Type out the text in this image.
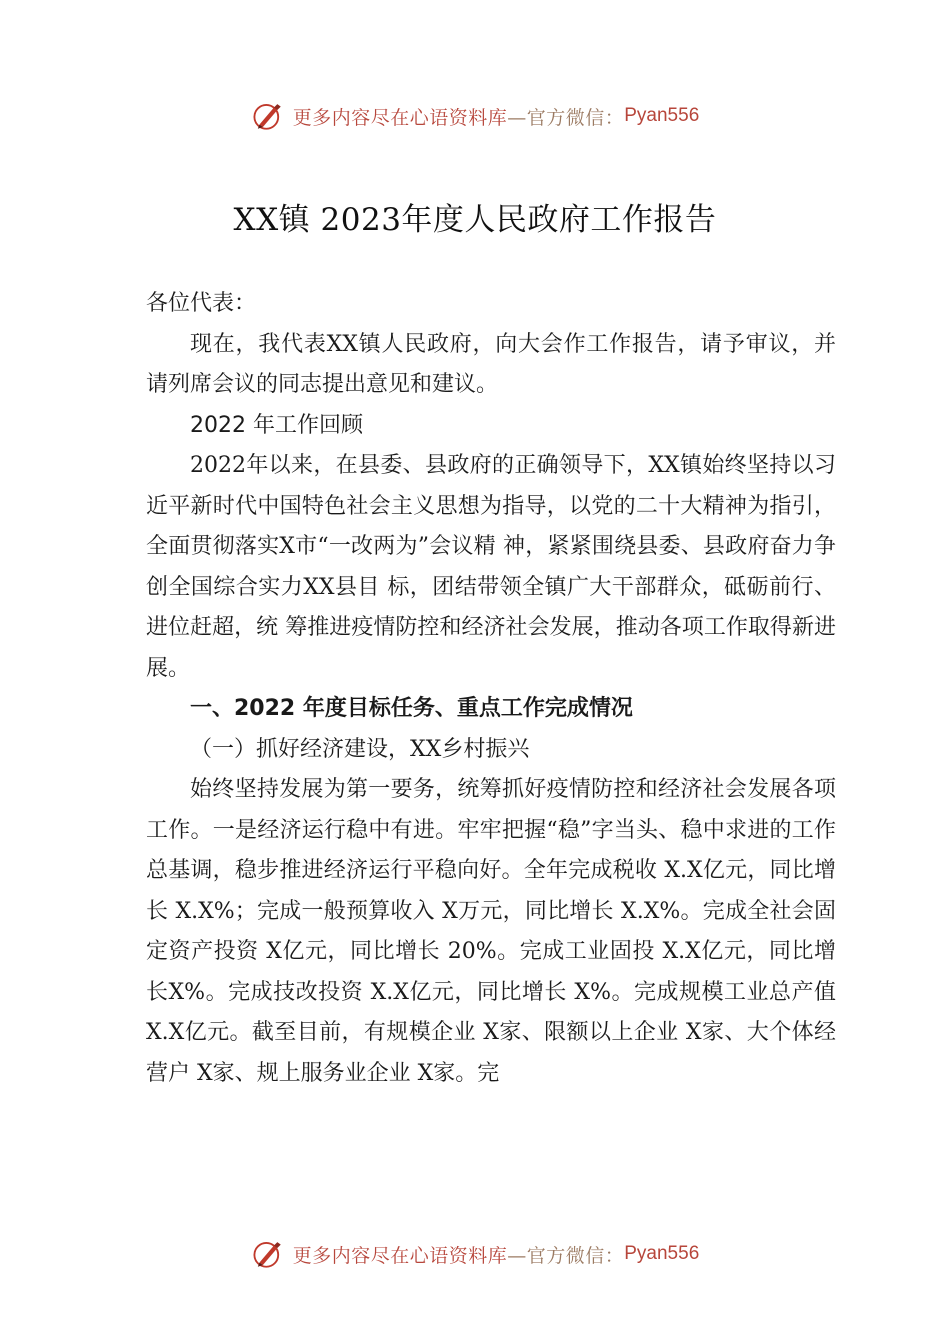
更多内容尽在心语资料库 —官方微信： Pyan556
XX镇 2023年度人民政府工作报告

各位代表：

现在，我代表XX镇人民政府，向大会作工作报告，请予审议，并请列席会议的同志提出意见和建议。

2022 年工作回顾

2022年以来，在县委、县政府的正确领导下，XX镇始终坚持以习近平新时代中国特色社会主义思想为指导，以党的二十大精神为指引，全面贯彻落实X市“一改两为”会议精 神，紧紧围绕县委、县政府奋力争创全国综合实力XX县目 标，团结带领全镇广大干部群众，砥砺前行、进位赶超，统 筹推进疫情防控和经济社会发展，推动各项工作取得新进展。

一、2022 年度目标任务、重点工作完成情况

（一）抓好经济建设，XX乡村振兴

始终坚持发展为第一要务，统筹抓好疫情防控和经济社会发展各项工作。一是经济运行稳中有进。牢牢把握“稳”字当头、稳中求进的工作总基调，稳步推进经济运行平稳向好。全年完成税收 X.X亿元，同比增长 X.X%；完成一般预算收入 X万元，同比增长 X.X%。完成全社会固定资产投资 X亿元，同比增长 20%。完成工业固投 X.X亿元，同比增长X%。完成技改投资 X.X亿元，同比增长 X%。完成规模工业总产值 X.X亿元。截至目前，有规模企业 X家、限额以上企业 X家、大个体经营户 X家、规上服务业企业 X家。完

更多内容尽在心语资料库 —官方微信： Pyan556
